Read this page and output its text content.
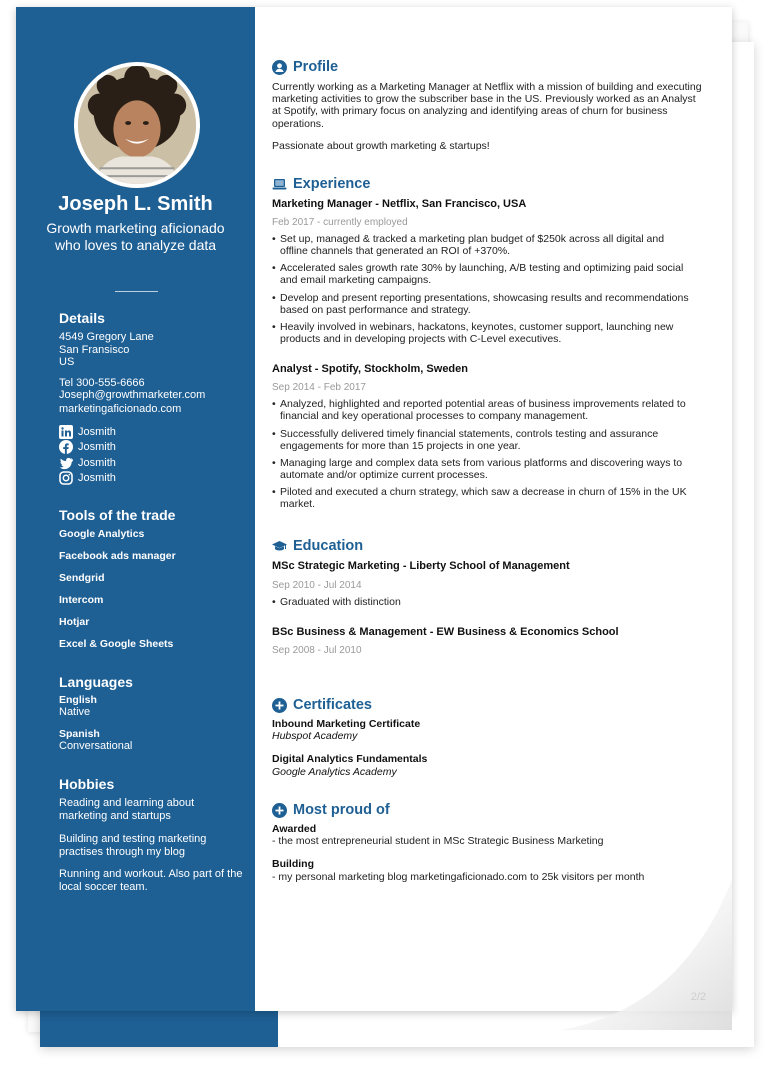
Joseph L. Smith
Growth marketing aficionado who loves to analyze data
Details
4549 Gregory Lane
San Fransisco
US
Tel 300-555-6666
Joseph@growthmarketer.com
marketingaficionado.com
Josmith
Josmith
Josmith
Josmith
Tools of the trade
Google Analytics
Facebook ads manager
Sendgrid
Intercom
Hotjar
Excel & Google Sheets
Languages
English
Native
Spanish
Conversational
Hobbies
Reading and learning about marketing and startups
Building and testing marketing practises through my blog
Running and workout. Also part of the local soccer team.
Profile
Currently working as a Marketing Manager at Netflix with a mission of building and executing marketing activities to grow the subscriber base in the US. Previously worked as an Analyst at Spotify, with primary focus on analyzing and identifying areas of churn for business operations.
Passionate about growth marketing & startups!
Experience
Marketing Manager - Netflix, San Francisco, USA
Feb 2017 - currently employed
• Set up, managed & tracked a marketing plan budget of $250k across all digital and offline channels that generated an ROI of +370%.
• Accelerated sales growth rate 30% by launching, A/B testing and optimizing paid social and email marketing campaigns.
• Develop and present reporting presentations, showcasing results and recommendations based on past performance and strategy.
• Heavily involved in webinars, hackatons, keynotes, customer support, launching new products and in developing projects with C-Level executives.
Analyst - Spotify, Stockholm, Sweden
Sep 2014 - Feb 2017
• Analyzed, highlighted and reported potential areas of business improvements related to financial and key operational processes to company management.
• Successfully delivered timely financial statements, controls testing and assurance engagements for more than 15 projects in one year.
• Managing large and complex data sets from various platforms and discovering ways to automate and/or optimize current processes.
• Piloted and executed a churn strategy, which saw a decrease in churn of 15% in the UK market.
Education
MSc Strategic Marketing - Liberty School of Management
Sep 2010 - Jul 2014
• Graduated with distinction
BSc Business & Management - EW Business & Economics School
Sep 2008 - Jul 2010
Certificates
Inbound Marketing Certificate
Hubspot Academy
Digital Analytics Fundamentals
Google Analytics Academy
Most proud of
Awarded
- the most entrepreneurial student in MSc Strategic Business Marketing
Building
- my personal marketing blog marketingaficionado.com to 25k visitors per month
